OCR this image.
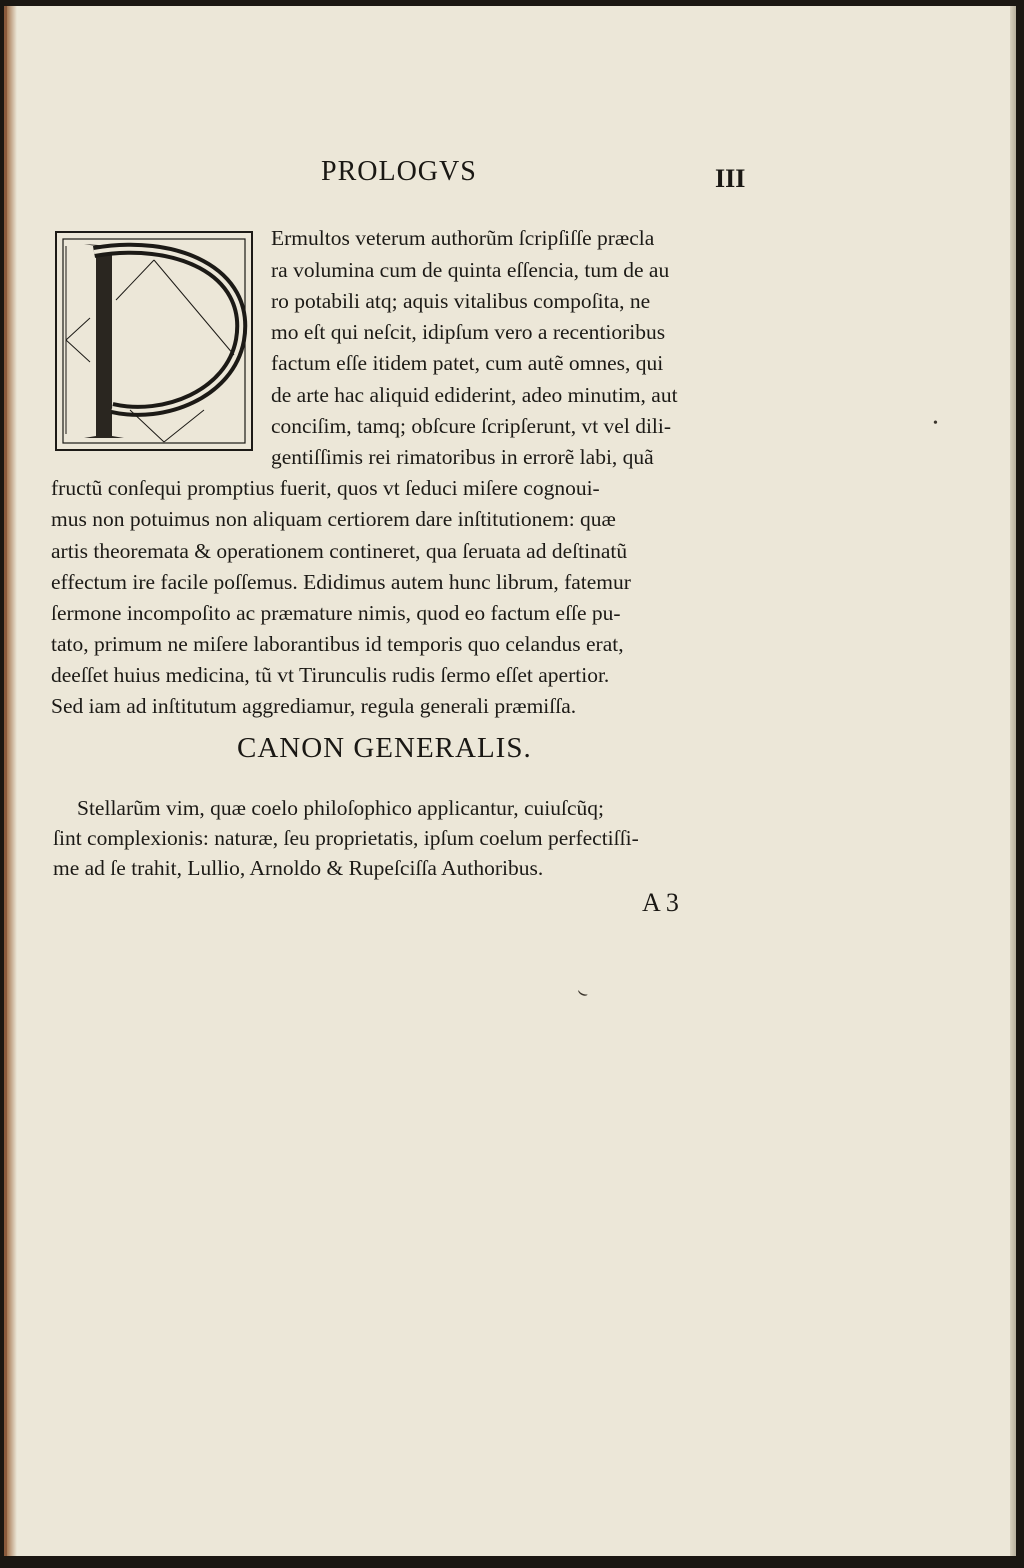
PROLOGVS	III
Ermultos veterum authorũm ſcripſiſſe præcla
ra volumina cum de quinta eſſencia, tum de au
ro potabili atq; aquis vitalibus compoſita, ne
mo eſt qui neſcit, idipſum vero a recentioribus
factum eſſe itidem patet, cum autẽ omnes, qui
de arte hac aliquid ediderint, adeo minutim, aut
conciſim, tamq; obſcure ſcripſerunt, vt vel dili-
gentiſſimis rei rimatoribus in errorẽ labi, quã
fructũ conſequi promptius fuerit, quos vt ſeduci miſere cognoui-
mus non potuimus non aliquam certiorem dare inſtitutionem: quæ
artis theoremata & operationem contineret, qua ſeruata ad deſtinatũ
effectum ire facile poſſemus. Edidimus autem hunc librum, fatemur
ſermone incompoſito ac præmature nimis, quod eo factum eſſe pu-
tato, primum ne miſere laborantibus id temporis quo celandus erat,
deeſſet huius medicina, tũ vt Tirunculis rudis ſermo eſſet apertior.
Sed iam ad inſtitutum aggrediamur, regula generali præmiſſa.
CANON GENERALIS.
Stellarũm vim, quæ coelo philoſophico applicantur, cuiuſcũq;
ſint complexionis: naturæ, ſeu proprietatis, ipſum coelum perfectiſſi-
me ad ſe trahit, Lullio, Arnoldo & Rupeſciſſa Authoribus.
A 3
•
⌣
